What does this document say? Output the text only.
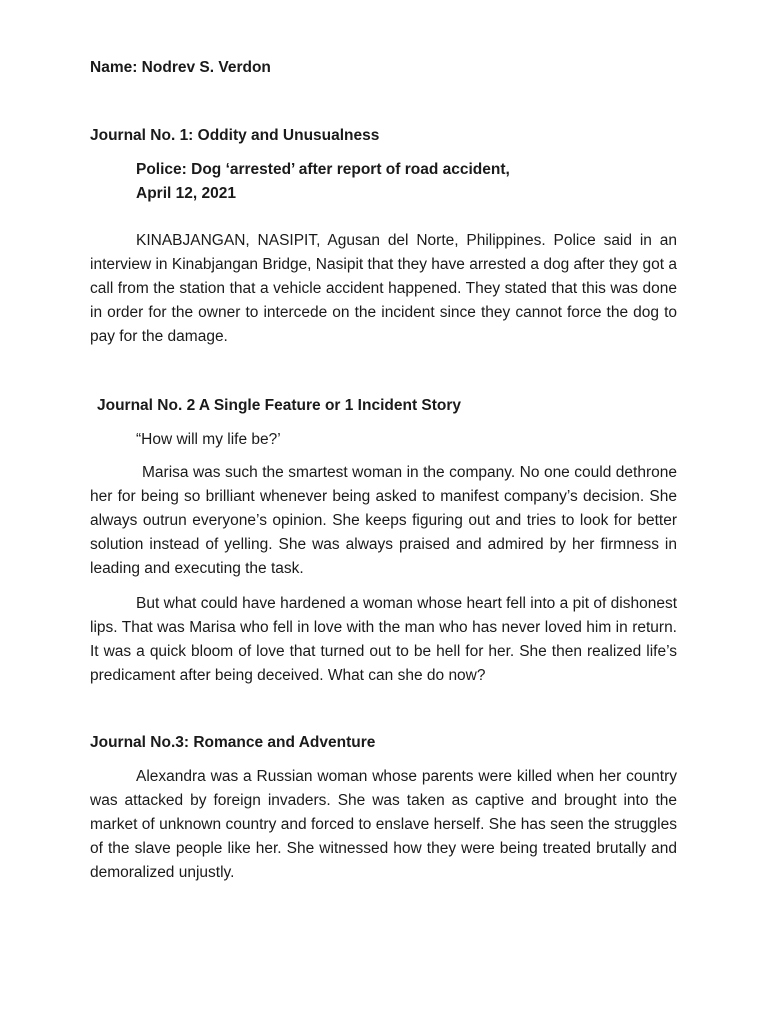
Name: Nodrev S. Verdon
Journal No. 1: Oddity and Unusualness
Police: Dog ‘arrested’ after report of road accident,
April 12, 2021
KINABJANGAN, NASIPIT, Agusan del Norte, Philippines. Police said in an interview in Kinabjangan Bridge, Nasipit that they have arrested a dog after they got a call from the station that a vehicle accident happened. They stated that this was done in order for the owner to intercede on the incident since they cannot force the dog to pay for the damage.
Journal No. 2 A Single Feature or 1 Incident Story
“How will my life be?’
Marisa was such the smartest woman in the company. No one could dethrone her for being so brilliant whenever being asked to manifest company’s decision. She always outrun everyone’s opinion. She keeps figuring out and tries to look for better solution instead of yelling. She was always praised and admired by her firmness in leading and executing the task.
But what could have hardened a woman whose heart fell into a pit of dishonest lips. That was Marisa who fell in love with the man who has never loved him in return. It was a quick bloom of love that turned out to be hell for her. She then realized life’s predicament after being deceived. What can she do now?
Journal No.3: Romance and Adventure
Alexandra was a Russian woman whose parents were killed when her country was attacked by foreign invaders. She was taken as captive and brought into the market of unknown country and forced to enslave herself. She has seen the struggles of the slave people like her. She witnessed how they were being treated brutally and demoralized unjustly.
